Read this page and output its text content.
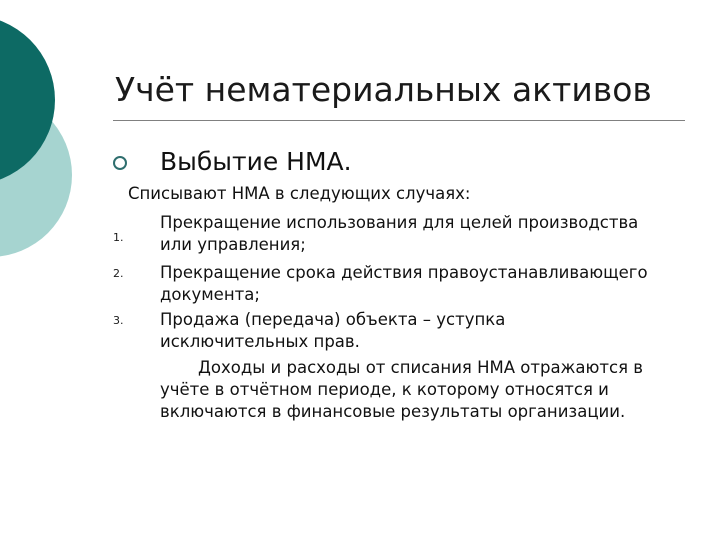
Учёт нематериальных активов
Выбытие НМА.
Списывают НМА в следующих случаях:
1.
Прекращение использования для целей производства
или управления;
2. Прекращение срока действия правоустанавливающего
документа;
3. Продажа (передача) объекта – уступка
исключительных прав.
Доходы и расходы от списания НМА отражаются в
учёте в отчётном периоде, к которому относятся и
включаются в финансовые результаты организации.
